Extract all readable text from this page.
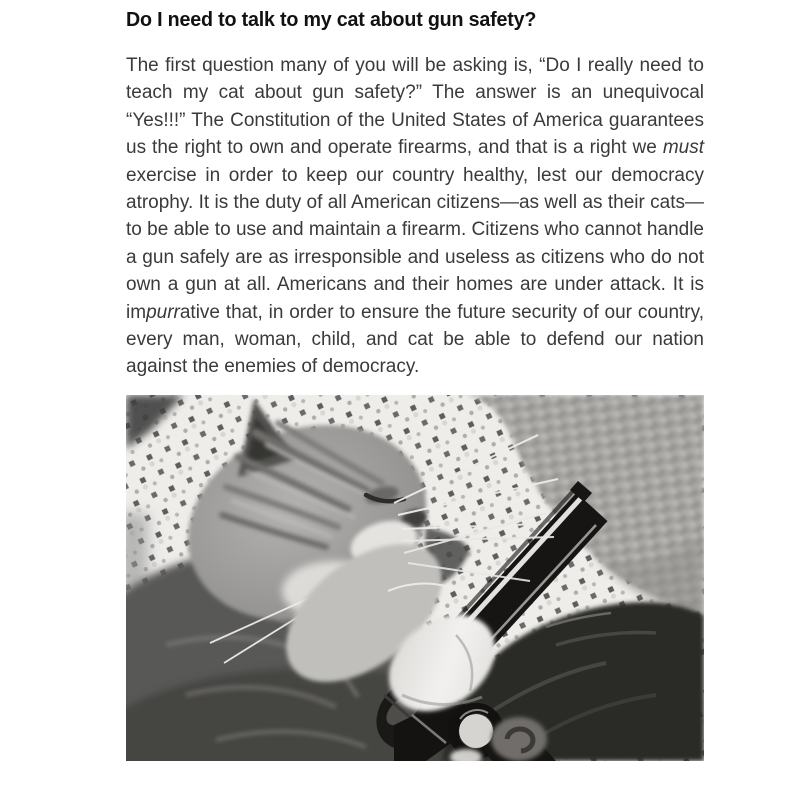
Do I need to talk to my cat about gun safety?

The first question many of you will be asking is, “Do I really need to teach my cat about gun safety?” The answer is an unequivocal “Yes!!!” The Constitution of the United States of America guarantees us the right to own and operate firearms, and that is a right we must exercise in order to keep our country healthy, lest our democracy atrophy. It is the duty of all American citizens—as well as their cats—to be able to use and maintain a firearm. Citizens who cannot handle a gun safely are as irresponsible and useless as citizens who do not own a gun at all. Americans and their homes are under attack. It is impurrative that, in order to ensure the future security of our country, every man, woman, child, and cat be able to defend our nation against the enemies of democracy.
